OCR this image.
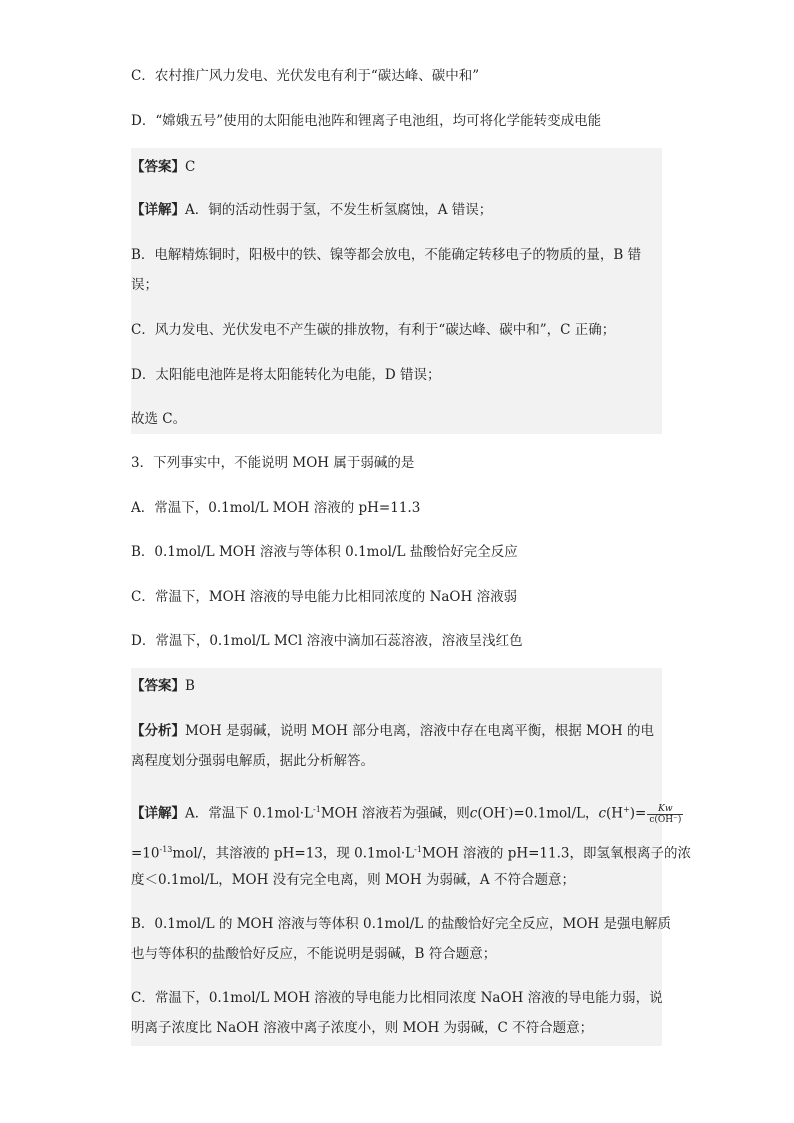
C．农村推广风力发电、光伏发电有利于“碳达峰、碳中和”
D．“嫦娥五号”使用的太阳能电池阵和锂离子电池组，均可将化学能转变成电能
【答案】C
【详解】A．铜的活动性弱于氢，不发生析氢腐蚀，A 错误；
B．电解精炼铜时，阳极中的铁、镍等都会放电，不能确定转移电子的物质的量，B 错
误；
C．风力发电、光伏发电不产生碳的排放物，有利于“碳达峰、碳中和”，C 正确；
D．太阳能电池阵是将太阳能转化为电能，D 错误；
故选 C。
3．下列事实中，不能说明 MOH 属于弱碱的是
A．常温下，0.1mol/L MOH 溶液的 pH=11.3
B．0.1mol/L MOH 溶液与等体积 0.1mol/L 盐酸恰好完全反应
C．常温下，MOH 溶液的导电能力比相同浓度的 NaOH 溶液弱
D．常温下，0.1mol/L MCl 溶液中滴加石蕊溶液，溶液呈浅红色
【答案】B
【分析】MOH 是弱碱，说明 MOH 部分电离，溶液中存在电离平衡，根据 MOH 的电
离程度划分强弱电解质，据此分析解答。
【详解】A．常温下 $0.1mol\cdot L^{-1}MOH$ 溶液若为强碱，则c(OH-)=0.1mol/L，$c(H^+)= \frac{Kw}{c(OH^-)}$
$=10^{-13}mol/$，其溶液的 pH=13，现 $0.1mol\cdot L^{-1}MOH$ 溶液的 pH=11.3，即氢氧根离子的浓
度＜0.1mol/L，MOH 没有完全电离，则 MOH 为弱碱，A 不符合题意；
B．0.1mol/L 的 MOH 溶液与等体积 0.1mol/L 的盐酸恰好完全反应，MOH 是强电解质
也与等体积的盐酸恰好反应，不能说明是弱碱，B 符合题意；
C．常温下，0.1mol/L MOH 溶液的导电能力比相同浓度 NaOH 溶液的导电能力弱，说
明离子浓度比 NaOH 溶液中离子浓度小，则 MOH 为弱碱，C 不符合题意；
